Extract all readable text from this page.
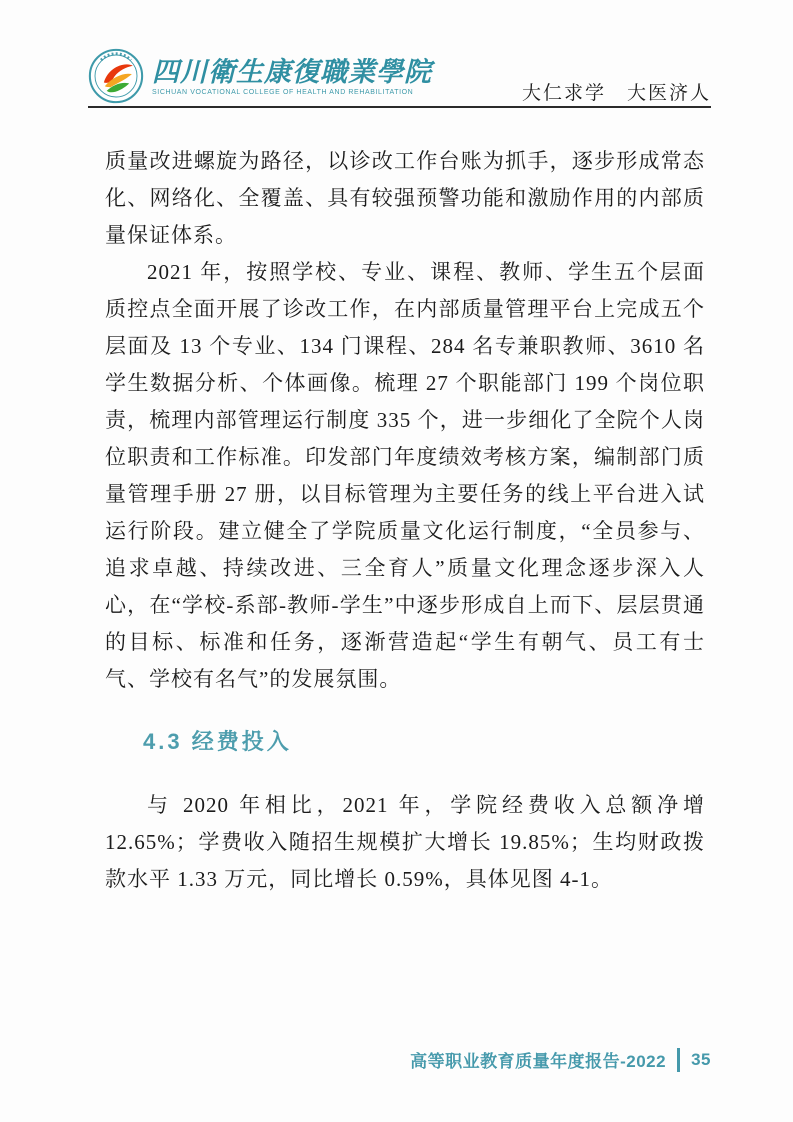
四川衛生康復職業學院
SICHUAN VOCATIONAL COLLEGE OF HEALTH AND REHABILITATION	大仁求学　大医济人

质量改进螺旋为路径，以诊改工作台账为抓手，逐步形成常态化、网络化、全覆盖、具有较强预警功能和激励作用的内部质量保证体系。

2021 年，按照学校、专业、课程、教师、学生五个层面质控点全面开展了诊改工作，在内部质量管理平台上完成五个层面及 13 个专业、134 门课程、284 名专兼职教师、3610 名学生数据分析、个体画像。梳理 27 个职能部门 199 个岗位职责，梳理内部管理运行制度 335 个，进一步细化了全院个人岗位职责和工作标准。印发部门年度绩效考核方案，编制部门质量管理手册 27 册，以目标管理为主要任务的线上平台进入试运行阶段。建立健全了学院质量文化运行制度，“全员参与、追求卓越、持续改进、三全育人”质量文化理念逐步深入人心，在“学校-系部-教师-学生”中逐步形成自上而下、层层贯通的目标、标准和任务，逐渐营造起“学生有朝气、员工有士气、学校有名气”的发展氛围。

4.3 经费投入

与 2020 年相比，2021 年，学院经费收入总额净增 12.65%；学费收入随招生规模扩大增长 19.85%；生均财政拨款水平 1.33 万元，同比增长 0.59%，具体见图 4-1。

高等职业教育质量年度报告-2022 35
